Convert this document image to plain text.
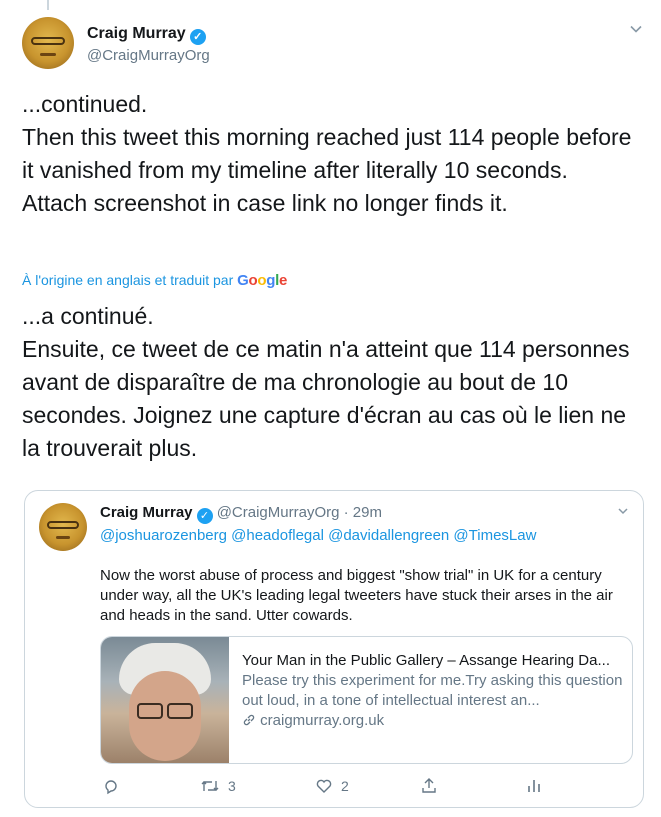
Craig Murray ✓
@CraigMurrayOrg
...continued.
Then this tweet this morning reached just 114 people before it vanished from my timeline after literally 10 seconds. Attach screenshot in case link no longer finds it.
À l'origine en anglais et traduit par Google
...a continué.
Ensuite, ce tweet de ce matin n'a atteint que 114 personnes avant de disparaître de ma chronologie au bout de 10 secondes. Joignez une capture d'écran au cas où le lien ne la trouverait plus.
Craig Murray ✓ @CraigMurrayOrg · 29m
@joshuarozenberg @headoflegal @davidallengreen @TimesLaw
Now the worst abuse of process and biggest "show trial" in UK for a century under way, all the UK's leading legal tweeters have stuck their arses in the air and heads in the sand. Utter cowards.
Your Man in the Public Gallery – Assange Hearing Da...
Please try this experiment for me.Try asking this question out loud, in a tone of intellectual interest an...
craigmurray.org.uk
3	2
